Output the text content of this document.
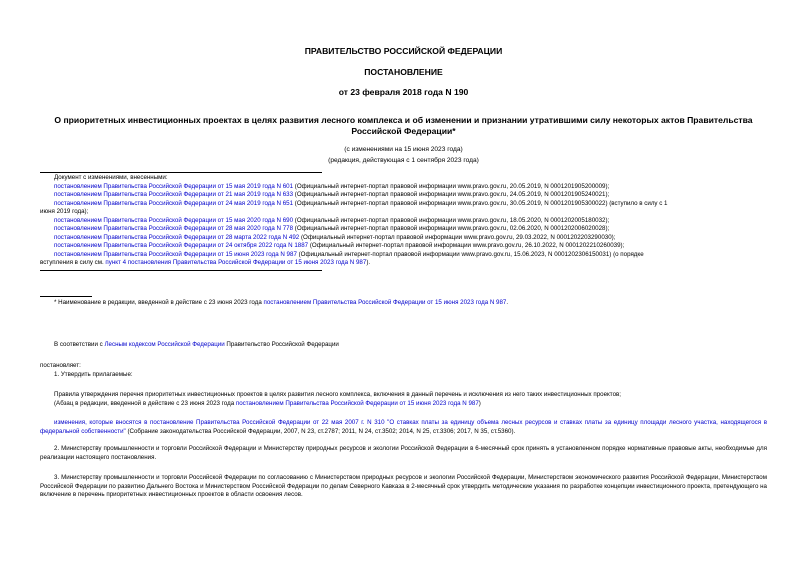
ПРАВИТЕЛЬСТВО РОССИЙСКОЙ ФЕДЕРАЦИИ
ПОСТАНОВЛЕНИЕ
от 23 февраля 2018 года N 190
О приоритетных инвестиционных проектах в целях развития лесного комплекса и об изменении и признании утратившими силу некоторых актов Правительства
Российской Федерации*
(с изменениями на 15 июня 2023 года)
(редакция, действующая с 1 сентября 2023 года)
Документ с изменениями, внесенными:
постановлением Правительства Российской Федерации от 15 мая 2019 года N 601 (Официальный интернет-портал правовой информации www.pravo.gov.ru, 20.05.2019, N 0001201905200009);
постановлением Правительства Российской Федерации от 21 мая 2019 года N 633 (Официальный интернет-портал правовой информации www.pravo.gov.ru, 24.05.2019, N 0001201905240021);
постановлением Правительства Российской Федерации от 24 мая 2019 года N 651 (Официальный интернет-портал правовой информации www.pravo.gov.ru, 30.05.2019, N 0001201905300022) (вступило в силу с 1
июня 2019 года);
постановлением Правительства Российской Федерации от 15 мая 2020 года N 690 (Официальный интернет-портал правовой информации www.pravo.gov.ru, 18.05.2020, N 0001202005180032);
постановлением Правительства Российской Федерации от 28 мая 2020 года N 778 (Официальный интернет-портал правовой информации www.pravo.gov.ru, 02.06.2020, N 0001202006020028);
постановлением Правительства Российской Федерации от 28 марта 2022 года N 492 (Официальный интернет-портал правовой информации www.pravo.gov.ru, 29.03.2022, N 0001202203290030);
постановлением Правительства Российской Федерации от 24 октября 2022 года N 1887 (Официальный интернет-портал правовой информации www.pravo.gov.ru, 26.10.2022, N 0001202210260039);
постановлением Правительства Российской Федерации от 15 июня 2023 года N 987 (Официальный интернет-портал правовой информации www.pravo.gov.ru, 15.06.2023, N 0001202306150031) (о порядке
вступления в силу см. пункт 4 постановления Правительства Российской Федерации от 15 июня 2023 года N 987).
* Наименование в редакции, введенной в действие с 23 июня 2023 года постановлением Правительства Российской Федерации от 15 июня 2023 года N 987.
В соответствии с Лесным кодексом Российской Федерации Правительство Российской Федерации
постановляет:
1. Утвердить прилагаемые:
Правила утверждения перечня приоритетных инвестиционных проектов в целях развития лесного комплекса, включения в данный перечень и исключения из него таких инвестиционных проектов;
(Абзац в редакции, введенной в действие с 23 июня 2023 года постановлением Правительства Российской Федерации от 15 июня 2023 года N 987)
изменения, которые вносятся в постановление Правительства Российской Федерации от 22 мая 2007 г. N 310 "О ставках платы за единицу объема лесных ресурсов и ставках платы за единицу площади лесного участка, находящегося в федеральной собственности" (Собрание законодательства Российской Федерации, 2007, N 23, ст.2787; 2011, N 24, ст.3502; 2014, N 25, ст.3306; 2017, N 35, ст.5360).
2. Министерству промышленности и торговли Российской Федерации и Министерству природных ресурсов и экологии Российской Федерации в 6-месячный срок принять в установленном порядке нормативные правовые акты, необходимые для реализации настоящего постановления.
3. Министерству промышленности и торговли Российской Федерации по согласованию с Министерством природных ресурсов и экологии Российской Федерации, Министерством экономического развития Российской Федерации, Министерством Российской Федерации по развитию Дальнего Востока и Министерством Российской Федерации по делам Северного Кавказа в 2-месячный срок утвердить методические указания по разработке концепции инвестиционного проекта, претендующего на включение в перечень приоритетных инвестиционных проектов в области освоения лесов.
